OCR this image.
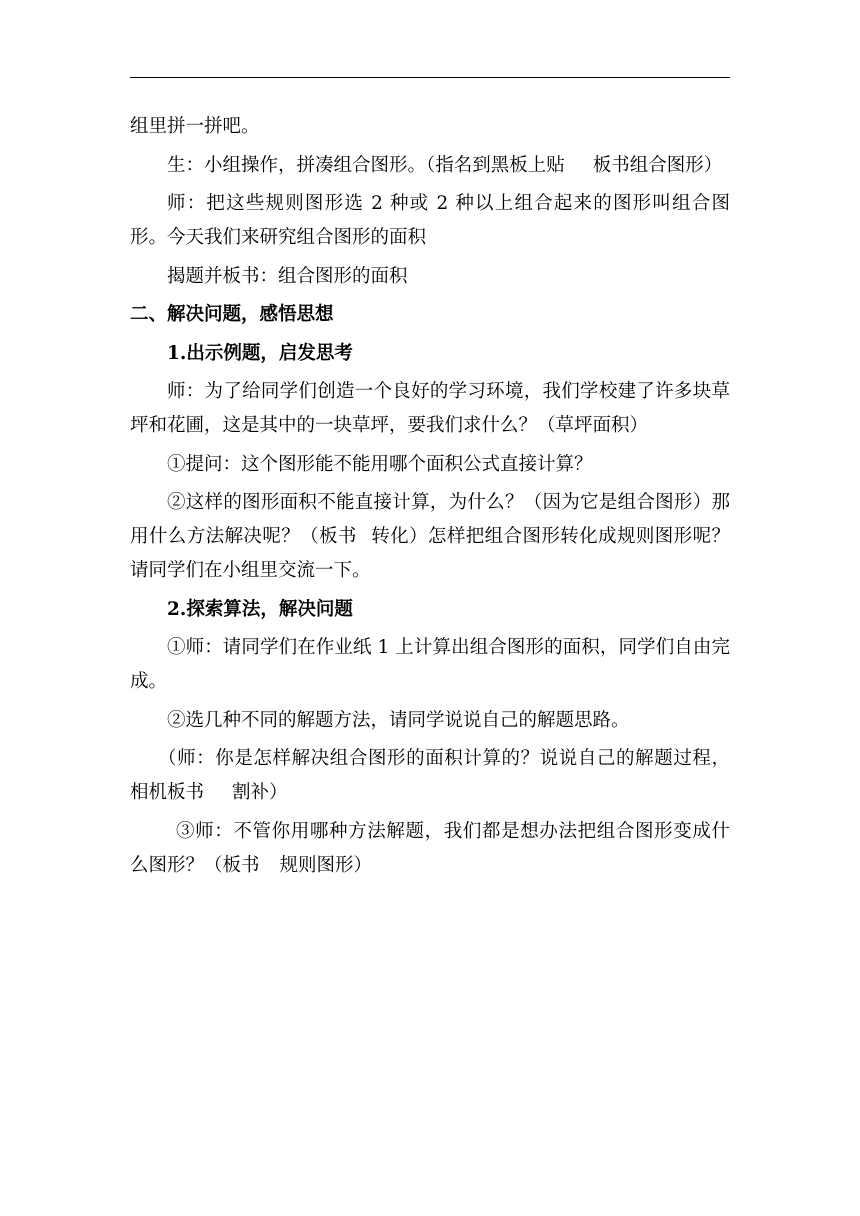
组里拼一拼吧。

生：小组操作，拼凑组合图形。（指名到黑板上贴 板书组合图形）

师：把这些规则图形选 2 种或 2 种以上组合起来的图形叫组合图形。今天我们来研究组合图形的面积

揭题并板书：组合图形的面积

二、解决问题，感悟思想

1.出示例题，启发思考

师：为了给同学们创造一个良好的学习环境，我们学校建了许多块草坪和花圃，这是其中的一块草坪，要我们求什么？（草坪面积）

①提问：这个图形能不能用哪个面积公式直接计算？

②这样的图形面积不能直接计算，为什么？（因为它是组合图形）那用什么方法解决呢？（板书 转化）怎样把组合图形转化成规则图形呢？请同学们在小组里交流一下。

2.探索算法，解决问题

①师：请同学们在作业纸 1 上计算出组合图形的面积，同学们自由完成。

②选几种不同的解题方法，请同学说说自己的解题思路。

（师：你是怎样解决组合图形的面积计算的？说说自己的解题过程，相机板书 割补）

③师：不管你用哪种方法解题，我们都是想办法把组合图形变成什么图形？（板书 规则图形）
